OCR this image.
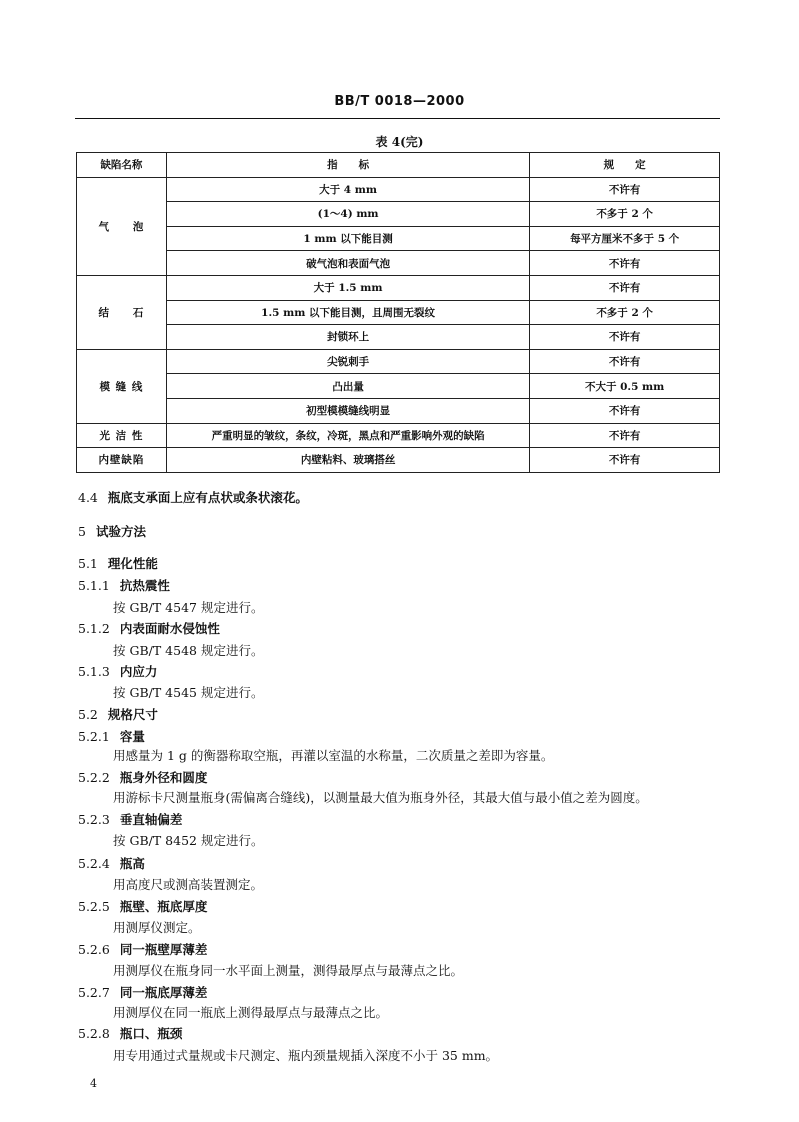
BB/T 0018—2000
表 4(完)
缺陷名称	指　　标	规　　定
气　　泡	大于 4 mm	不许有
	(1～4) mm	不多于 2 个
	1 mm 以下能目测	每平方厘米不多于 5 个
	破气泡和表面气泡	不许有
结　　石	大于 1.5 mm	不许有
	1.5 mm 以下能目测，且周围无裂纹	不多于 2 个
	封锁环上	不许有
模 缝 线	尖锐刺手	不许有
	凸出量	不大于 0.5 mm
	初型模模缝线明显	不许有
光 洁 性	严重明显的皱纹，条纹，冷斑，黑点和严重影响外观的缺陷	不许有
内壁缺陷	内壁粘料、玻璃搭丝	不许有
4.4 瓶底支承面上应有点状或条状滚花。
5 试验方法
5.1 理化性能
5.1.1 抗热震性
按 GB/T 4547 规定进行。
5.1.2 内表面耐水侵蚀性
按 GB/T 4548 规定进行。
5.1.3 内应力
按 GB/T 4545 规定进行。
5.2 规格尺寸
5.2.1 容量
用感量为 1 g 的衡器称取空瓶，再灌以室温的水称量，二次质量之差即为容量。
5.2.2 瓶身外径和圆度
用游标卡尺测量瓶身(需偏离合缝线)，以测量最大值为瓶身外径，其最大值与最小值之差为圆度。
5.2.3 垂直轴偏差
按 GB/T 8452 规定进行。
5.2.4 瓶高
用高度尺或测高装置测定。
5.2.5 瓶壁、瓶底厚度
用测厚仪测定。
5.2.6 同一瓶壁厚薄差
用测厚仪在瓶身同一水平面上测量，测得最厚点与最薄点之比。
5.2.7 同一瓶底厚薄差
用测厚仪在同一瓶底上测得最厚点与最薄点之比。
5.2.8 瓶口、瓶颈
用专用通过式量规或卡尺测定、瓶内颈量规插入深度不小于 35 mm。
4
